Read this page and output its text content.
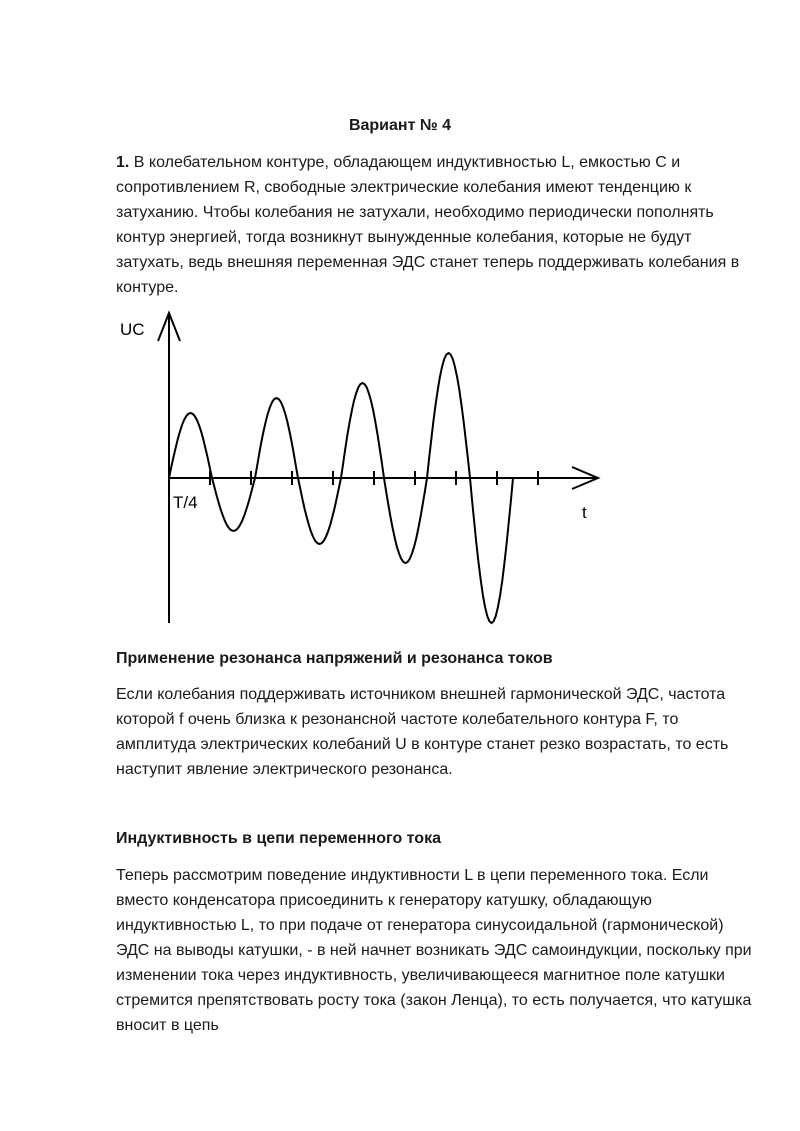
Вариант № 4

1. В колебательном контуре, обладающем индуктивностью L, емкостью C и сопротивлением R, свободные электрические колебания имеют тенденцию к затуханию. Чтобы колебания не затухали, необходимо периодически пополнять контур энергией, тогда возникнут вынужденные колебания, которые не будут затухать, ведь внешняя переменная ЭДС станет теперь поддерживать колебания в контуре.

UC
t
T/4

Применение резонанса напряжений и резонанса токов

Если колебания поддерживать источником внешней гармонической ЭДС, частота которой f очень близка к резонансной частоте колебательного контура F, то амплитуда электрических колебаний U в контуре станет резко возрастать, то есть наступит явление электрического резонанса.

Индуктивность в цепи переменного тока

Теперь рассмотрим поведение индуктивности L в цепи переменного тока. Если вместо конденсатора присоединить к генератору катушку, обладающую индуктивностью L, то при подаче от генератора синусоидальной (гармонической) ЭДС на выводы катушки, - в ней начнет возникать ЭДС самоиндукции, поскольку при изменении тока через индуктивность, увеличивающееся магнитное поле катушки стремится препятствовать росту тока (закон Ленца), то есть получается, что катушка вносит в цепь
